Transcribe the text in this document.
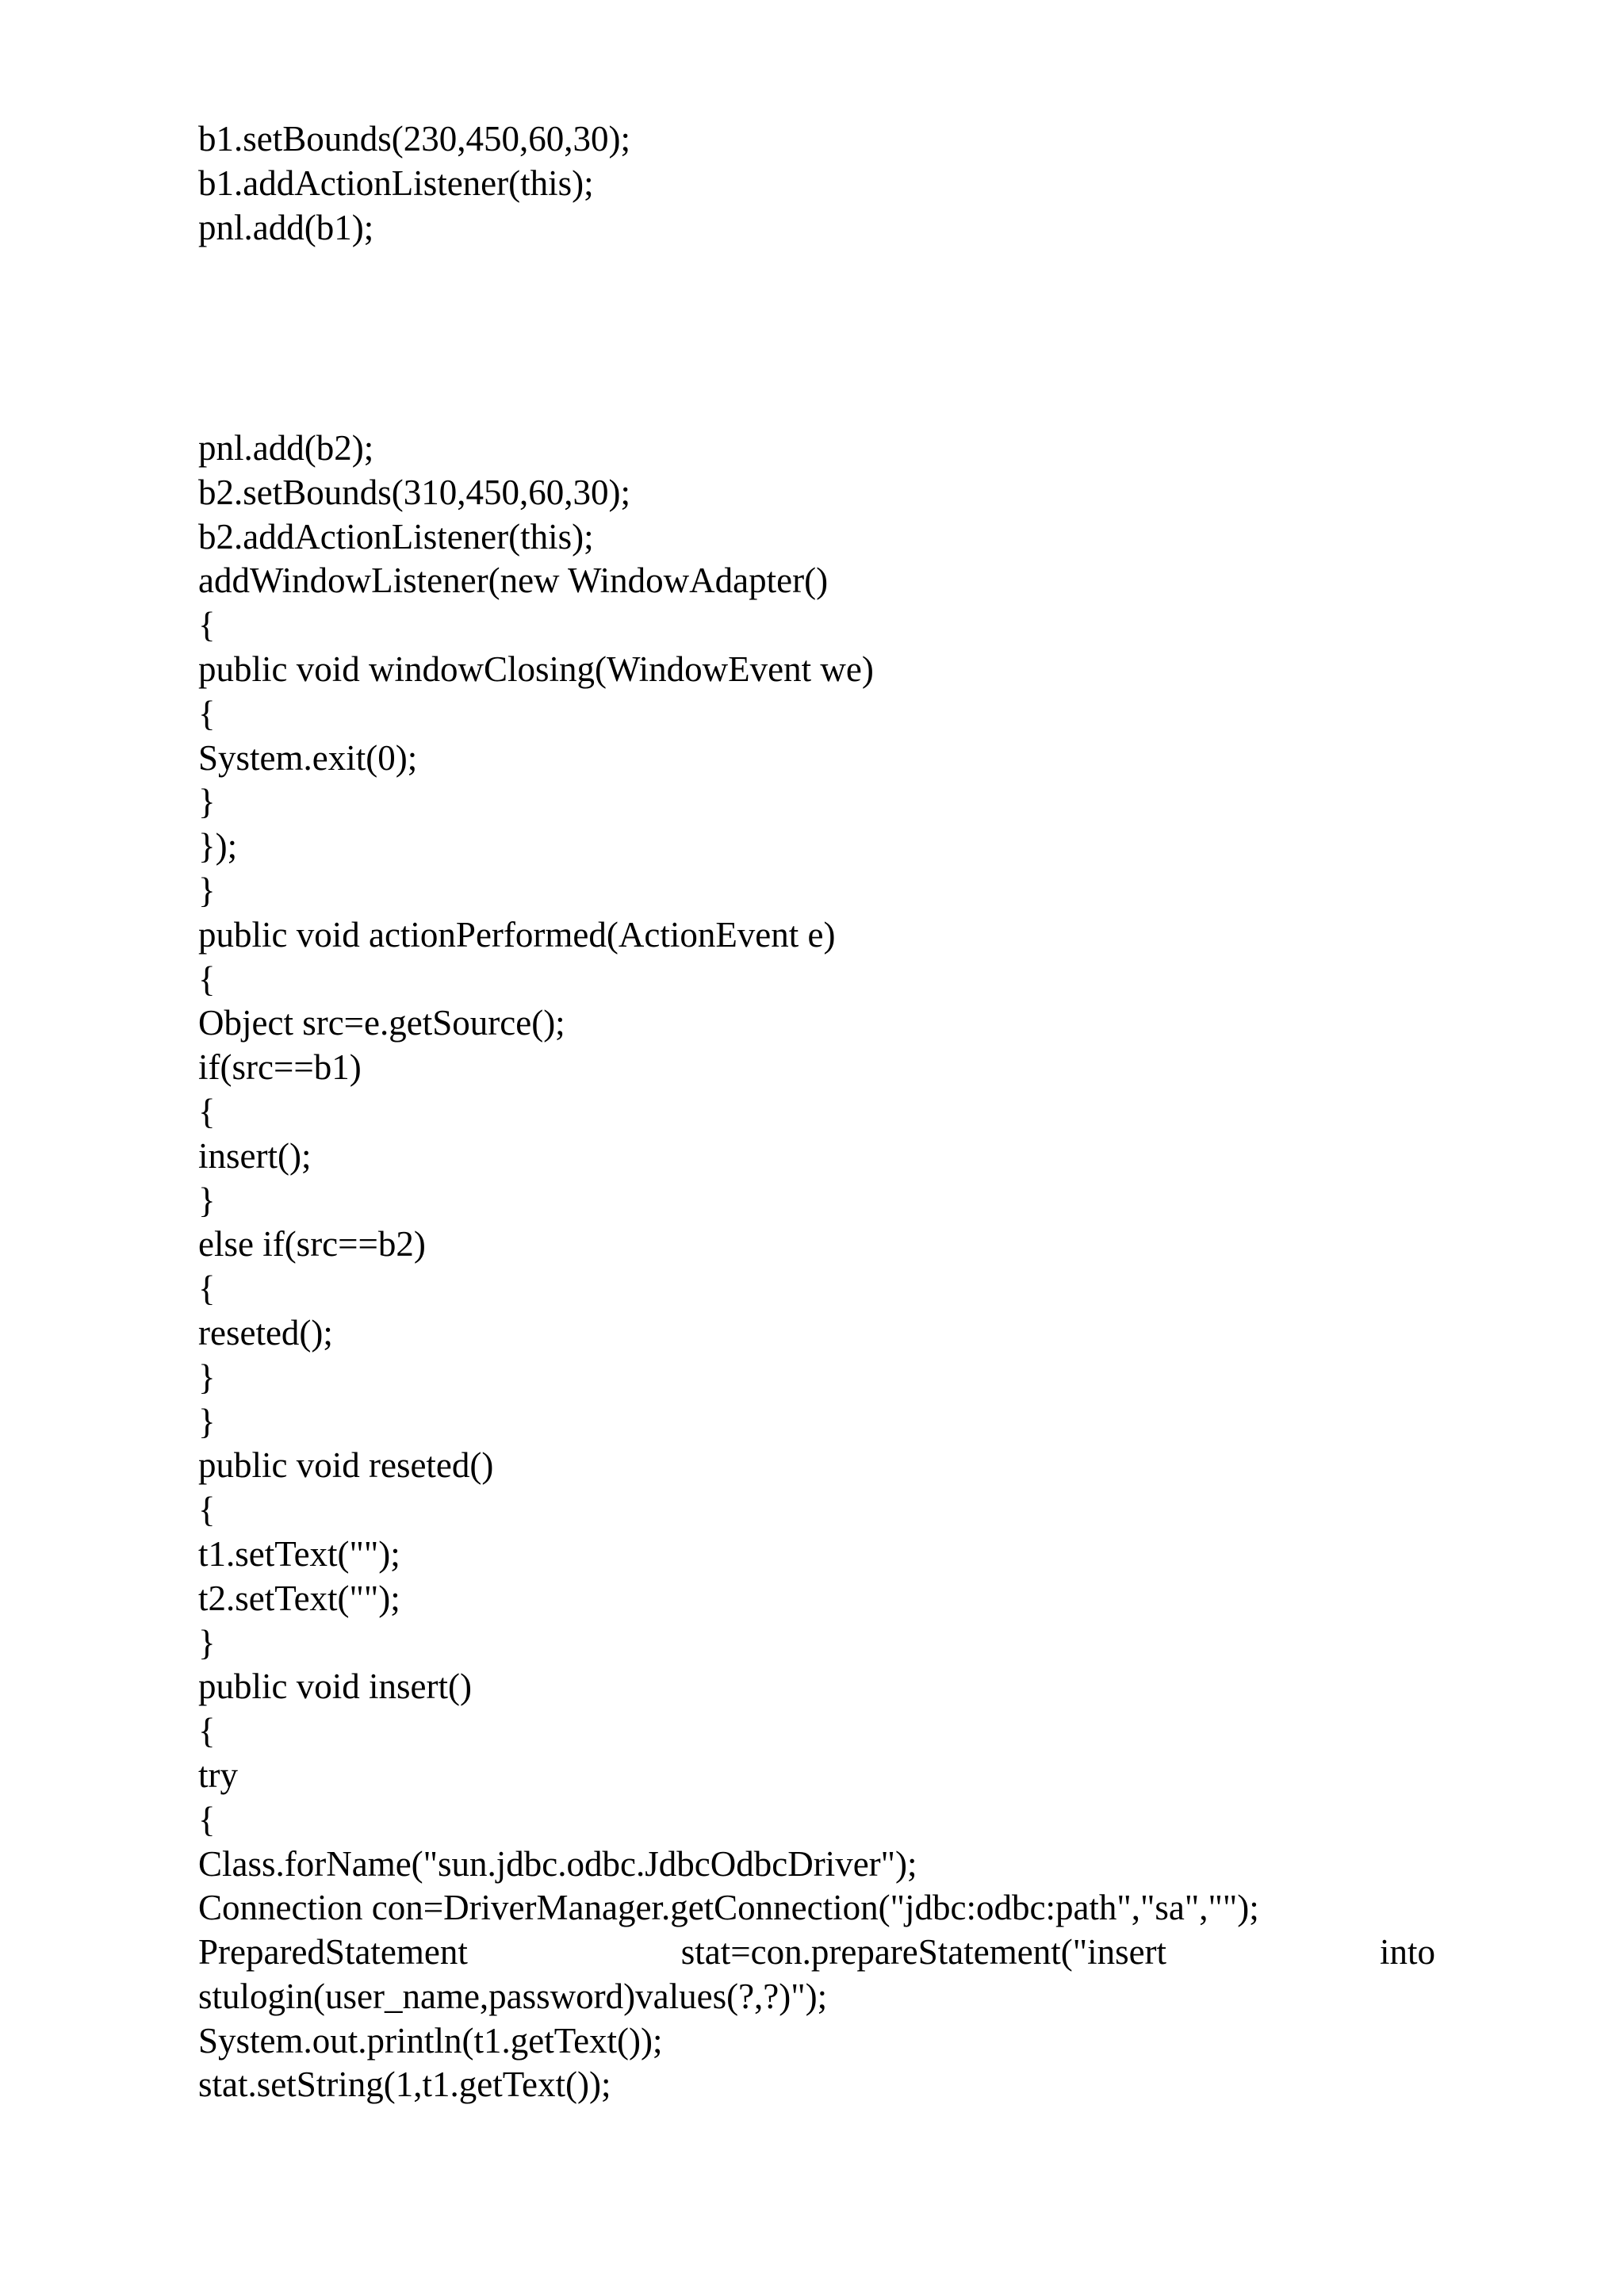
b1.setBounds(230,450,60,30);
b1.addActionListener(this);
pnl.add(b1);
pnl.add(b2);
b2.setBounds(310,450,60,30);
b2.addActionListener(this);
addWindowListener(new WindowAdapter()
{
public void windowClosing(WindowEvent we)
{
System.exit(0);
}
});
}
public void actionPerformed(ActionEvent e)
{
Object src=e.getSource();
if(src==b1)
{
insert();
}
else if(src==b2)
{
reseted();
}
}
public void reseted()
{
t1.setText("");
t2.setText("");
}
public void insert()
{
try
{
Class.forName("sun.jdbc.odbc.JdbcOdbcDriver");
Connection con=DriverManager.getConnection("jdbc:odbc:path","sa","");
PreparedStatement	stat=con.prepareStatement("insert	into
stulogin(user_name,password)values(?,?)");
System.out.println(t1.getText());
stat.setString(1,t1.getText());
